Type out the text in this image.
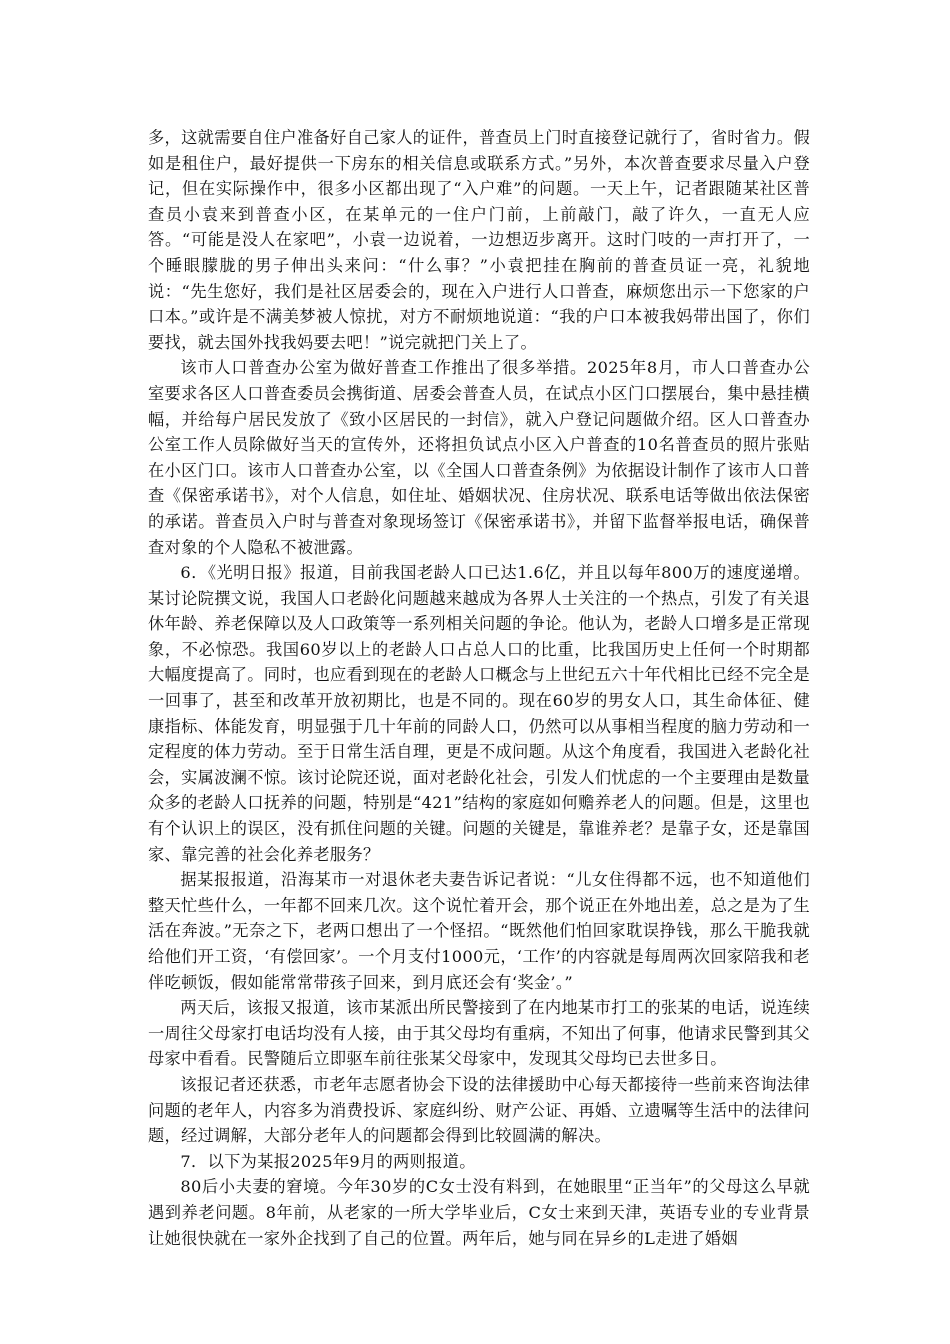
多，这就需要自住户准备好自己家人的证件，普查员上门时直接登记就行了，省时省力。假如是租住户，最好提供一下房东的相关信息或联系方式。”另外，本次普查要求尽量入户登记，但在实际操作中，很多小区都出现了“入户难”的问题。一天上午，记者跟随某社区普查员小袁来到普查小区，在某单元的一住户门前，上前敲门，敲了许久，一直无人应答。“可能是没人在家吧”，小袁一边说着，一边想迈步离开。这时门吱的一声打开了，一个睡眼朦胧的男子伸出头来问：“什么事？”小袁把挂在胸前的普查员证一亮，礼貌地说：“先生您好，我们是社区居委会的，现在入户进行人口普查，麻烦您出示一下您家的户口本。”或许是不满美梦被人惊扰，对方不耐烦地说道：“我的户口本被我妈带出国了，你们要找，就去国外找我妈要去吧！”说完就把门关上了。

该市人口普查办公室为做好普查工作推出了很多举措。2025年8月，市人口普查办公室要求各区人口普查委员会携街道、居委会普查人员，在试点小区门口摆展台，集中悬挂横幅，并给每户居民发放了《致小区居民的一封信》，就入户登记问题做介绍。区人口普查办公室工作人员除做好当天的宣传外，还将担负试点小区入户普查的10名普查员的照片张贴在小区门口。该市人口普查办公室，以《全国人口普查条例》为依据设计制作了该市人口普查《保密承诺书》，对个人信息，如住址、婚姻状况、住房状况、联系电话等做出依法保密的承诺。普查员入户时与普查对象现场签订《保密承诺书》，并留下监督举报电话，确保普查对象的个人隐私不被泄露。

6．《光明日报》报道，目前我国老龄人口已达1.6亿，并且以每年800万的速度递增。某讨论院撰文说，我国人口老龄化问题越来越成为各界人士关注的一个热点，引发了有关退休年龄、养老保障以及人口政策等一系列相关问题的争论。他认为，老龄人口增多是正常现象，不必惊恐。我国60岁以上的老龄人口占总人口的比重，比我国历史上任何一个时期都大幅度提高了。同时，也应看到现在的老龄人口概念与上世纪五六十年代相比已经不完全是一回事了，甚至和改革开放初期比，也是不同的。现在60岁的男女人口，其生命体征、健康指标、体能发育，明显强于几十年前的同龄人口，仍然可以从事相当程度的脑力劳动和一定程度的体力劳动。至于日常生活自理，更是不成问题。从这个角度看，我国进入老龄化社会，实属波澜不惊。该讨论院还说，面对老龄化社会，引发人们忧虑的一个主要理由是数量众多的老龄人口抚养的问题，特别是“421”结构的家庭如何赡养老人的问题。但是，这里也有个认识上的误区，没有抓住问题的关键。问题的关键是，靠谁养老？是靠子女，还是靠国家、靠完善的社会化养老服务？

据某报报道，沿海某市一对退休老夫妻告诉记者说：“儿女住得都不远，也不知道他们整天忙些什么，一年都不回来几次。这个说忙着开会，那个说正在外地出差，总之是为了生活在奔波。”无奈之下，老两口想出了一个怪招。“既然他们怕回家耽误挣钱，那么干脆我就给他们开工资，‘有偿回家’。一个月支付1000元，‘工作’的内容就是每周两次回家陪我和老伴吃顿饭，假如能常常带孩子回来，到月底还会有‘奖金’。”

两天后，该报又报道，该市某派出所民警接到了在内地某市打工的张某的电话，说连续一周往父母家打电话均没有人接，由于其父母均有重病，不知出了何事，他请求民警到其父母家中看看。民警随后立即驱车前往张某父母家中，发现其父母均已去世多日。

该报记者还获悉，市老年志愿者协会下设的法律援助中心每天都接待一些前来咨询法律问题的老年人，内容多为消费投诉、家庭纠纷、财产公证、再婚、立遗嘱等生活中的法律问题，经过调解，大部分老年人的问题都会得到比较圆满的解决。

7．以下为某报2025年9月的两则报道。

80后小夫妻的窘境。今年30岁的C女士没有料到，在她眼里“正当年”的父母这么早就遇到养老问题。8年前，从老家的一所大学毕业后，C女士来到天津，英语专业的专业背景让她很快就在一家外企找到了自己的位置。两年后，她与同在异乡的L走进了婚姻
